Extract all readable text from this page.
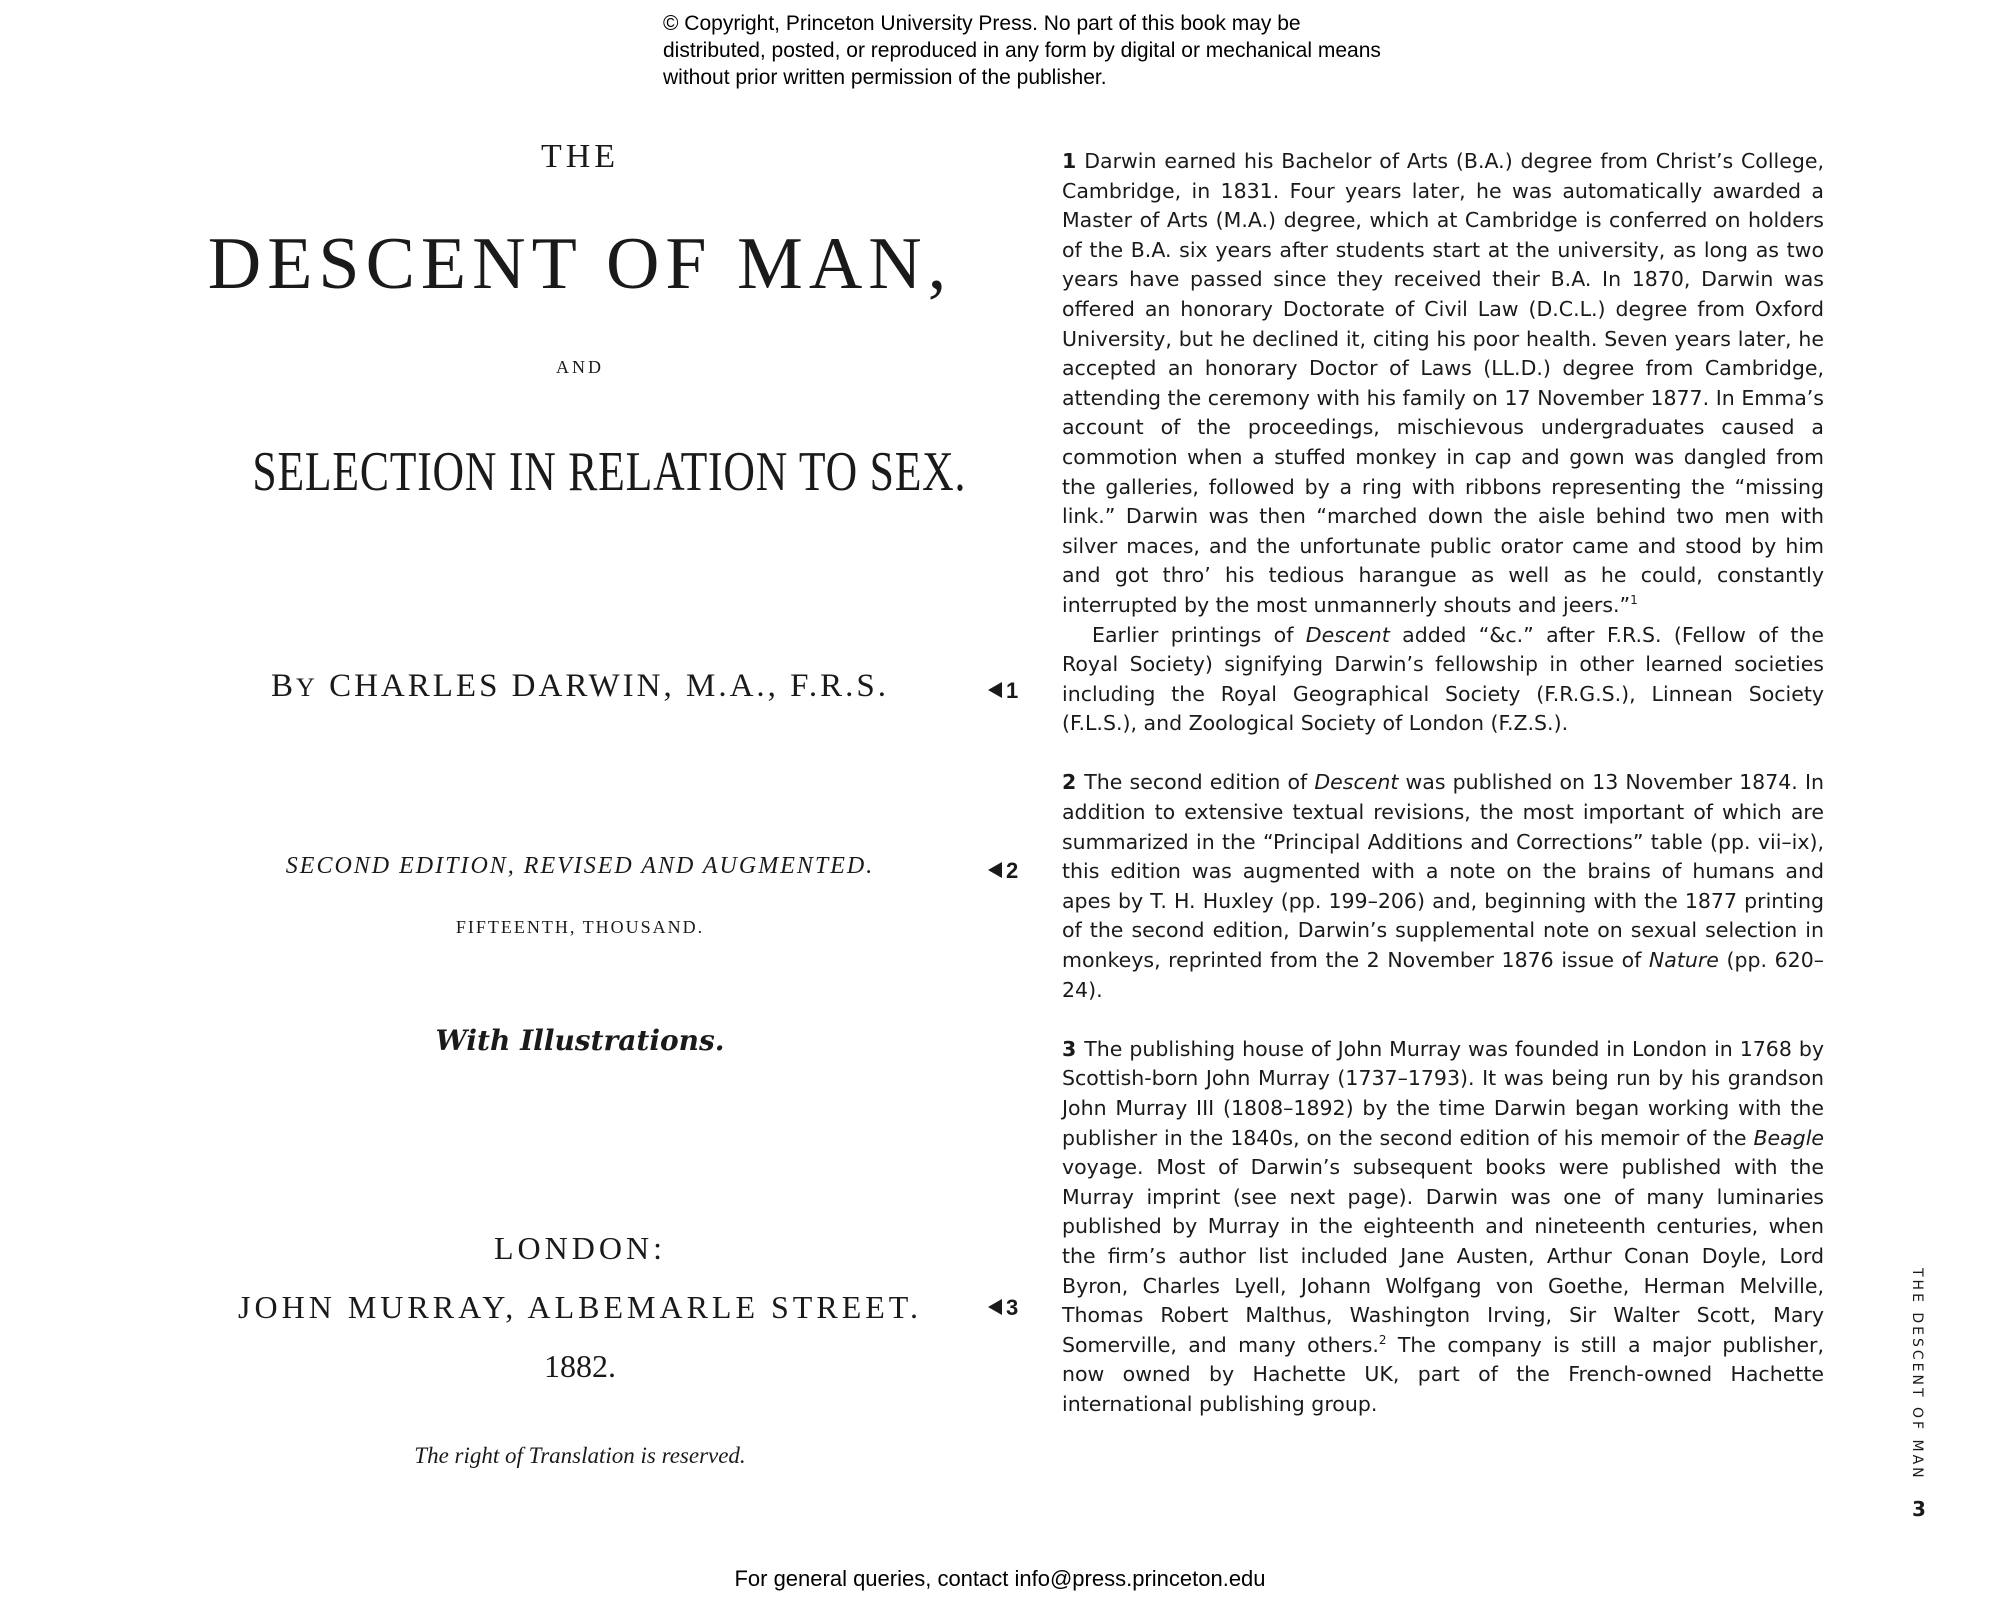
© Copyright, Princeton University Press. No part of this book may be distributed, posted, or reproduced in any form by digital or mechanical means without prior written permission of the publisher.
THE
DESCENT OF MAN,
AND
SELECTION IN RELATION TO SEX.
BY CHARLES DARWIN, M.A., F.R.S.
SECOND EDITION, REVISED AND AUGMENTED.
FIFTEENTH, THOUSAND.
With Illustrations.
LONDON:
JOHN MURRAY, ALBEMARLE STREET.
1882.
The right of Translation is reserved.
1
2
3

1 Darwin earned his Bachelor of Arts (B.A.) degree from Christ’s College, Cambridge, in 1831. Four years later, he was automatically awarded a Master of Arts (M.A.) degree, which at Cambridge is conferred on holders of the B.A. six years after students start at the university, as long as two years have passed since they received their B.A. In 1870, Darwin was offered an honorary Doctorate of Civil Law (D.C.L.) degree from Oxford University, but he declined it, citing his poor health. Seven years later, he accepted an honorary Doctor of Laws (LL.D.) degree from Cambridge, attending the ceremony with his family on 17 November 1877. In Emma’s account of the proceedings, mischievous undergraduates caused a commotion when a stuffed monkey in cap and gown was dangled from the galleries, followed by a ring with ribbons representing the “missing link.” Darwin was then “marched down the aisle behind two men with silver maces, and the unfortunate public orator came and stood by him and got thro’ his tedious harangue as well as he could, constantly interrupted by the most unmannerly shouts and jeers.”$^1$

Earlier printings of Descent added “&c.” after F.R.S. (Fellow of the Royal Society) signifying Darwin’s fellowship in other learned societies including the Royal Geographical Society (F.R.G.S.), Linnean Society (F.L.S.), and Zoological Society of London (F.Z.S.).

2 The second edition of Descent was published on 13 November 1874. In addition to extensive textual revisions, the most important of which are summarized in the “Principal Additions and Corrections” table (pp. vii–ix), this edition was augmented with a note on the brains of humans and apes by T. H. Huxley (pp. 199–206) and, beginning with the 1877 printing of the second edition, Darwin’s supplemental note on sexual selection in monkeys, reprinted from the 2 November 1876 issue of Nature (pp. 620–24).

3 The publishing house of John Murray was founded in London in 1768 by Scottish-born John Murray (1737–1793). It was being run by his grandson John Murray III (1808–1892) by the time Darwin began working with the publisher in the 1840s, on the second edition of his memoir of the Beagle voyage. Most of Darwin’s subsequent books were published with the Murray imprint (see next page). Darwin was one of many luminaries published by Murray in the eighteenth and nineteenth centuries, when the firm’s author list included Jane Austen, Arthur Conan Doyle, Lord Byron, Charles Lyell, Johann Wolfgang von Goethe, Herman Melville, Thomas Robert Malthus, Washington Irving, Sir Walter Scott, Mary Somerville, and many others.$^2$ The company is still a major publisher, now owned by Hachette UK, part of the French-owned Hachette international publishing group.	THE DESCENT OF MAN
3
For general queries, contact info@press.princeton.edu
